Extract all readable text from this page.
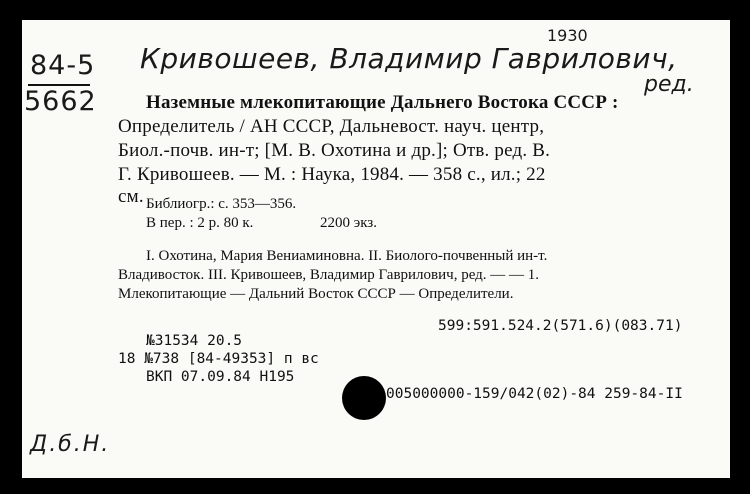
84-5
5662
Кривошеев, Владимир Гаврилович,
1930
ред.
Наземные млекопитающие Дальнего Востока СССР :
Определитель / АН СССР, Дальневост. науч. центр,
Биол.-почв. ин-т; [М. В. Охотина и др.]; Отв. ред. В.
Г. Кривошеев. — М. : Наука, 1984. — 358 с., ил.; 22
см. Библиогр.: с. 353—356.
В пер. : 2 р. 80 к.	2200 экз.
I. Охотина, Мария Вениаминовна. II. Биолого-почвенный ин-т.
Владивосток. III. Кривошеев, Владимир Гаврилович, ред. — — 1.
Млекопитающие — Дальний Восток СССР — Определители.
599:591.524.2(571.6)(083.71)
№31534 20.5
18 №738 [84-49353] п вс
ВКП 07.09.84 Н195
005000000-159/042(02)-84 259-84-II
Д.б.Н.
